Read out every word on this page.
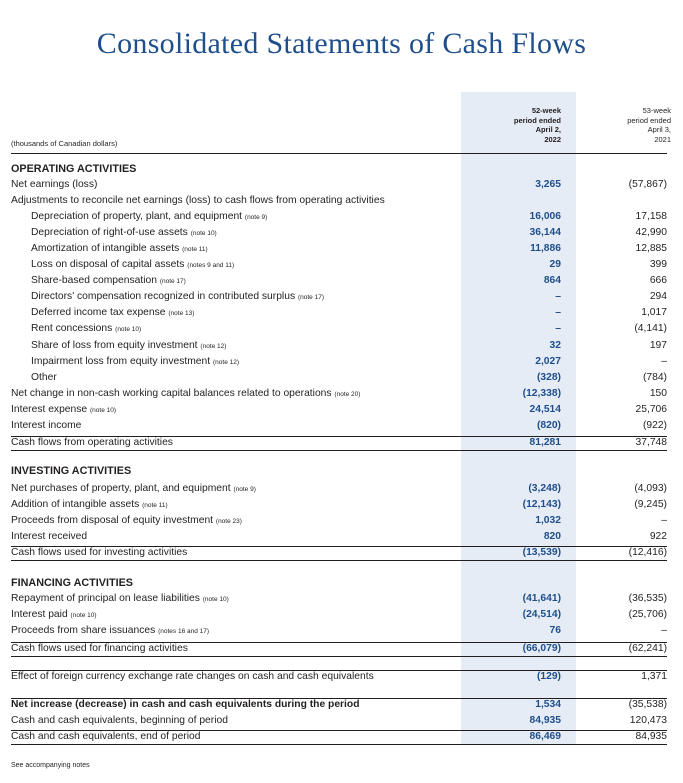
Consolidated Statements of Cash Flows
52-week
period ended
April 2,
2022
53-week
period ended
April 3,
2021
(thousands of Canadian dollars)
OPERATING ACTIVITIES
Net earnings (loss)	3,265	(57,867)
Adjustments to reconcile net earnings (loss) to cash flows from operating activities
Depreciation of property, plant, and equipment (note 9)	16,006	17,158
Depreciation of right-of-use assets (note 10)	36,144	42,990
Amortization of intangible assets (note 11)	11,886	12,885
Loss on disposal of capital assets (notes 9 and 11)	29	399
Share-based compensation (note 17)	864	666
Directors' compensation recognized in contributed surplus (note 17)	–	294
Deferred income tax expense (note 13)	–	1,017
Rent concessions (note 10)	–	(4,141)
Share of loss from equity investment (note 12)	32	197
Impairment loss from equity investment (note 12)	2,027	–
Other	(328)	(784)
Net change in non-cash working capital balances related to operations (note 20)	(12,338)	150
Interest expense (note 10)	24,514	25,706
Interest income	(820)	(922)
Cash flows from operating activities	81,281	37,748
INVESTING ACTIVITIES
Net purchases of property, plant, and equipment (note 9)	(3,248)	(4,093)
Addition of intangible assets (note 11)	(12,143)	(9,245)
Proceeds from disposal of equity investment (note 23)	1,032	–
Interest received	820	922
Cash flows used for investing activities	(13,539)	(12,416)
FINANCING ACTIVITIES
Repayment of principal on lease liabilities (note 10)	(41,641)	(36,535)
Interest paid (note 10)	(24,514)	(25,706)
Proceeds from share issuances (notes 16 and 17)	76	–
Cash flows used for financing activities	(66,079)	(62,241)
Effect of foreign currency exchange rate changes on cash and cash equivalents	(129)	1,371
Net increase (decrease) in cash and cash equivalents during the period	1,534	(35,538)
Cash and cash equivalents, beginning of period	84,935	120,473
Cash and cash equivalents, end of period	86,469	84,935
See accompanying notes
